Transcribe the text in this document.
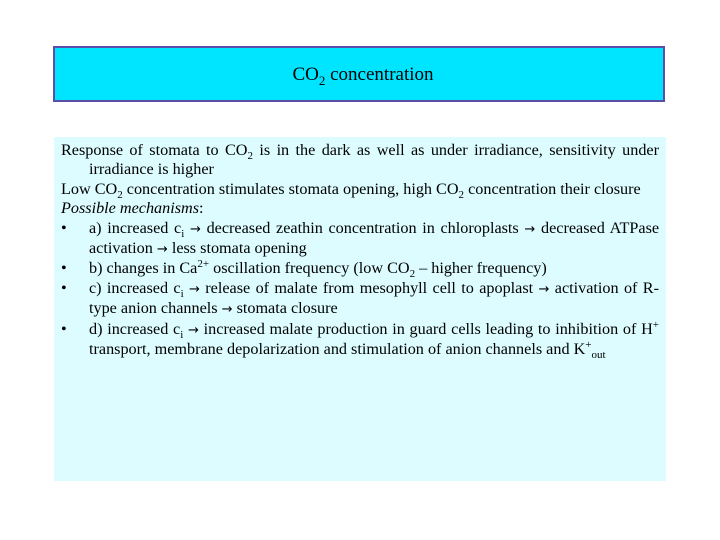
$CO_2$ concentration

Response of stomata to $CO_2$ is in the dark as well as under irradiance, sensitivity under irradiance is higher

Low $CO_2$ concentration stimulates stomata opening, high $CO_2$ concentration their closure

Possible mechanisms:

• a) increased $c_i$ → decreased zeathin concentration in chloroplasts → decreased ATPase activation → less stomata opening

• b) changes in $Ca^{2+}$ oscillation frequency (low $CO_2$ – higher frequency)

• c) increased $c_i$ → release of malate from mesophyll cell to apoplast → activation of R-type anion channels → stomata closure

• d) increased $c_i$ → increased malate production in guard cells leading to inhibition of H+ transport, membrane depolarization and stimulation of anion channels and $K^+_{out}$
